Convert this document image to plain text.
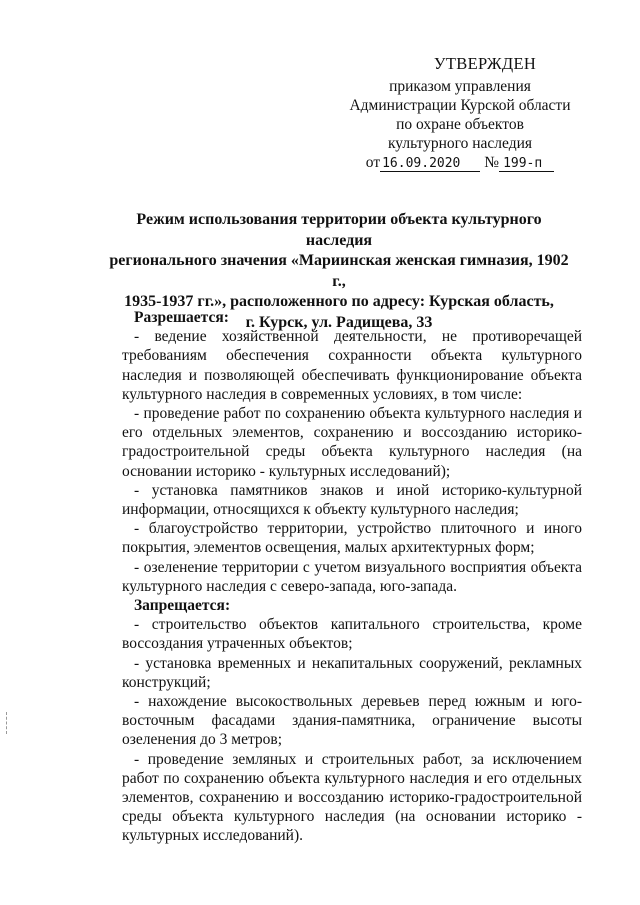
УТВЕРЖДЕН
приказом управления
Администрации Курской области
по охране объектов
культурного наследия
от 16.09.2020 № 199-п
Режим использования территории объекта культурного наследия
регионального значения «Мариинская женская гимназия, 1902 г.,
1935-1937 гг.», расположенного по адресу: Курская область,
г. Курск, ул. Радищева, 33
Разрешается:

- ведение хозяйственной деятельности, не противоречащей требованиям обеспечения сохранности объекта культурного наследия и позволяющей обеспечивать функционирование объекта культурного наследия в современных условиях, в том числе:

- проведение работ по сохранению объекта культурного наследия и его отдельных элементов, сохранению и воссозданию историко-градостроительной среды объекта культурного наследия (на основании историко - культурных исследований);

- установка памятников знаков и иной историко-культурной информации, относящихся к объекту культурного наследия;

- благоустройство территории, устройство плиточного и иного покрытия, элементов освещения, малых архитектурных форм;

- озеленение территории с учетом визуального восприятия объекта культурного наследия с северо-запада, юго-запада.

Запрещается:

- строительство объектов капитального строительства, кроме воссоздания утраченных объектов;

- установка временных и некапитальных сооружений, рекламных конструкций;

- нахождение высокоствольных деревьев перед южным и юго-восточным фасадами здания-памятника, ограничение высоты озеленения до 3 метров;

- проведение земляных и строительных работ, за исключением работ по сохранению объекта культурного наследия и его отдельных элементов, сохранению и воссозданию историко-градостроительной среды объекта культурного наследия (на основании историко - культурных исследований).
